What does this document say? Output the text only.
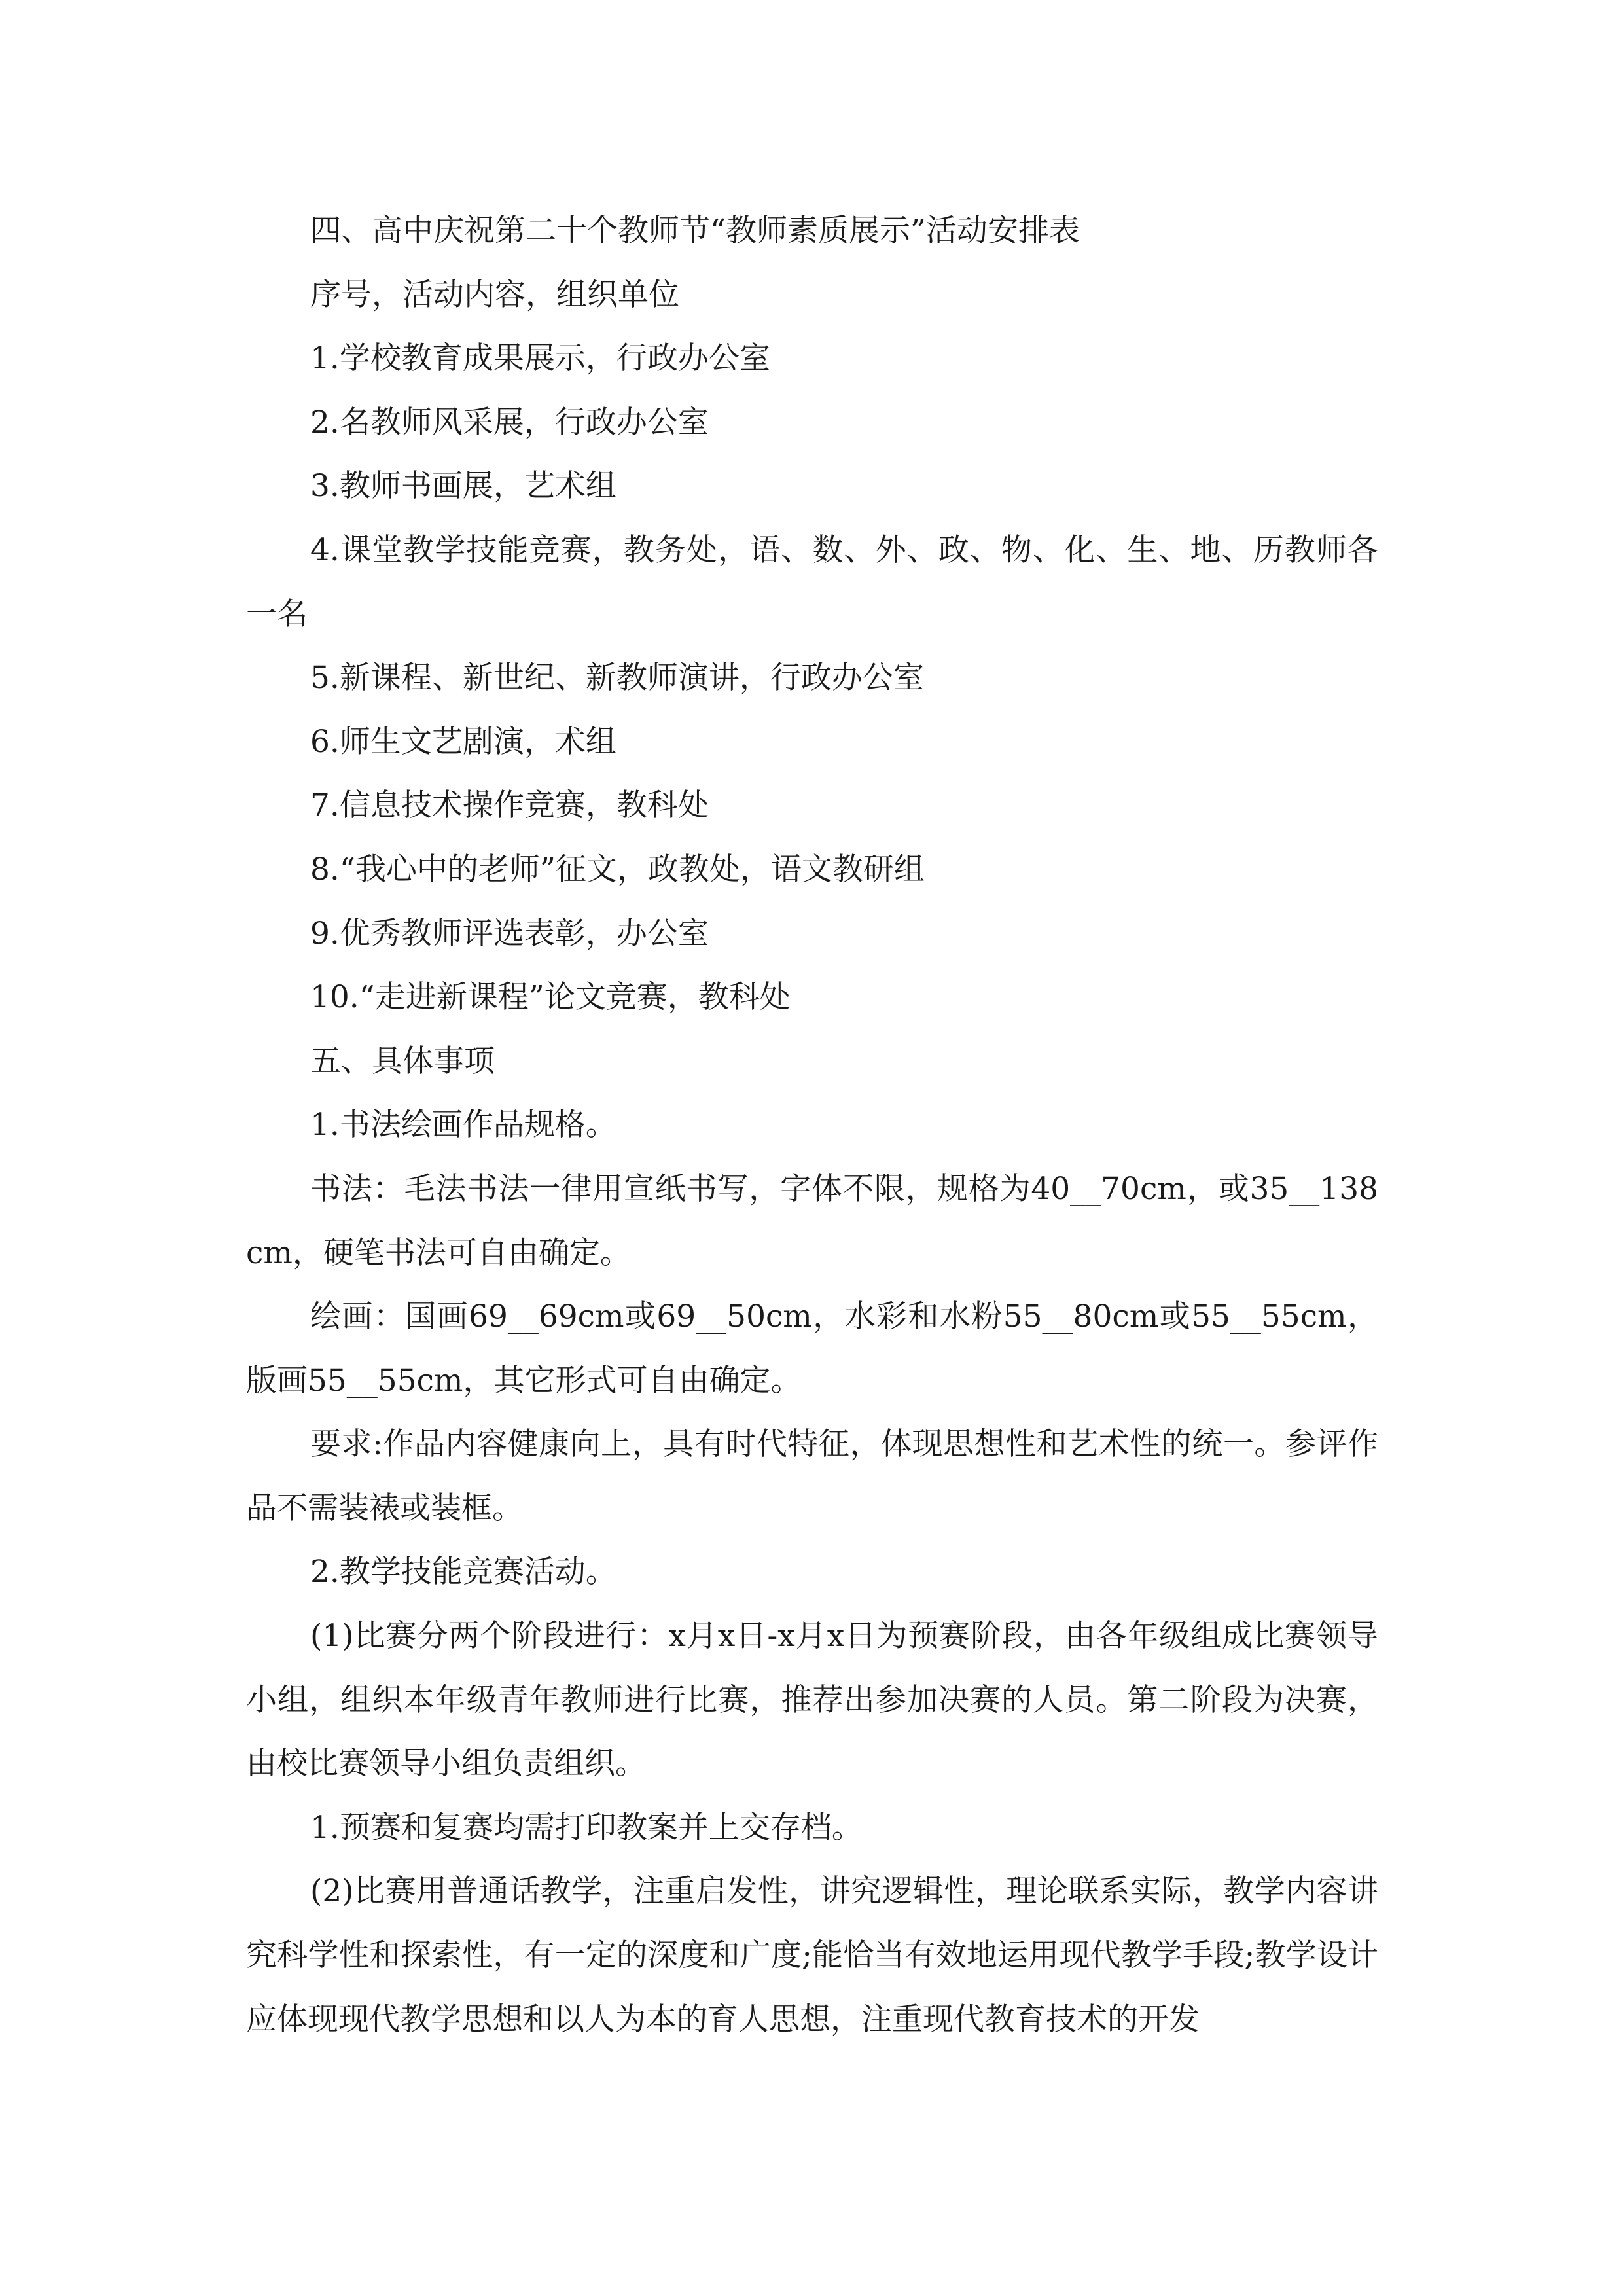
四、高中庆祝第二十个教师节“教师素质展示”活动安排表

序号，活动内容，组织单位

1.学校教育成果展示，行政办公室

2.名教师风采展，行政办公室

3.教师书画展，艺术组

4.课堂教学技能竞赛，教务处，语、数、外、政、物、化、生、地、历教师各一名

5.新课程、新世纪、新教师演讲，行政办公室

6.师生文艺剧演，术组

7.信息技术操作竞赛，教科处

8.“我心中的老师”征文，政教处，语文教研组

9.优秀教师评选表彰，办公室

10.“走进新课程”论文竞赛，教科处

五、具体事项

1.书法绘画作品规格。

书法：毛法书法一律用宣纸书写，字体不限，规格为40__70cm，或35__138cm，硬笔书法可自由确定。

绘画：国画69__69cm或69__50cm，水彩和水粉55__80cm或55__55cm，版画55__55cm，其它形式可自由确定。

要求:作品内容健康向上，具有时代特征，体现思想性和艺术性的统一。参评作品不需装裱或装框。

2.教学技能竞赛活动。

(1)比赛分两个阶段进行：x月x日-x月x日为预赛阶段，由各年级组成比赛领导小组，组织本年级青年教师进行比赛，推荐出参加决赛的人员。第二阶段为决赛，由校比赛领导小组负责组织。

1.预赛和复赛均需打印教案并上交存档。

(2)比赛用普通话教学，注重启发性，讲究逻辑性，理论联系实际，教学内容讲究科学性和探索性，有一定的深度和广度;能恰当有效地运用现代教学手段;教学设计应体现现代教学思想和以人为本的育人思想，注重现代教育技术的开发
